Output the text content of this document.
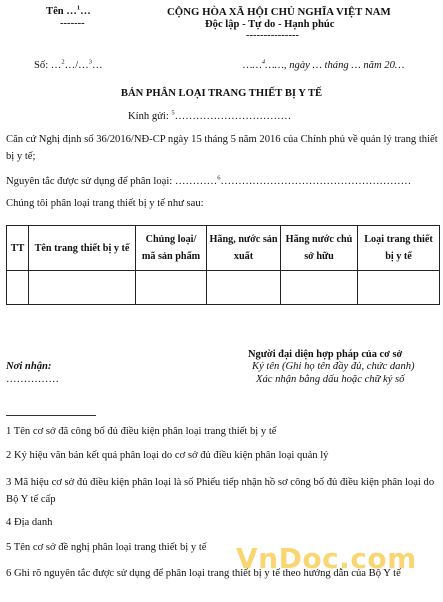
Tên …$^1$…
-------
CỘNG HÒA XÃ HỘI CHỦ NGHĨA VIỆT NAM
Độc lập - Tự do - Hạnh phúc
---------------
Số: …$^2$…/…$^3$…	……$^4$……, ngày … tháng … năm 20…
BẢN PHÂN LOẠI TRANG THIẾT BỊ Y TẾ
Kính gửi: $^5$……………………………
Căn cứ Nghị định số 36/2016/NĐ-CP ngày 15 tháng 5 năm 2016 của Chính phủ về quản lý trang thiết bị y tế;
Nguyên tắc được sử dụng để phân loại: …………$^6$………………………………………………
Chúng tôi phân loại trang thiết bị y tế như sau:
TT	Tên trang thiết bị y tế	Chủng loại/ mã sản phẩm	Hãng, nước sản xuất	Hãng nước chủ sở hữu	Loại trang thiết bị y tế

Người đại diện hợp pháp của cơ sở
Nơi nhận:	Ký tên (Ghi họ tên đầy đủ, chức danh)
……………	Xác nhận bằng dấu hoặc chữ ký số
1 Tên cơ sở đã công bố đủ điều kiện phân loại trang thiết bị y tế
2 Ký hiệu văn bản kết quả phân loại do cơ sở đủ điều kiện phân loại quản lý
3 Mã hiệu cơ sở đủ điều kiện phân loại là số Phiếu tiếp nhận hồ sơ công bố đủ điều kiện phân loại do Bộ Y tế cấp
4 Địa danh
5 Tên cơ sở đề nghị phân loại trang thiết bị y tế
6 Ghi rõ nguyên tắc được sử dụng để phân loại trang thiết bị y tế theo hướng dẫn của Bộ Y tế
VnDoc.com
